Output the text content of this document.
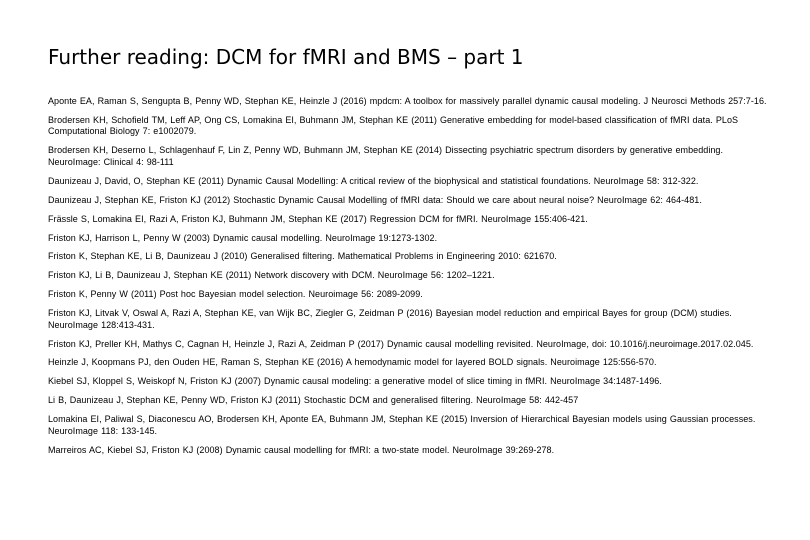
Further reading: DCM for fMRI and BMS – part 1
Aponte EA, Raman S, Sengupta B, Penny WD, Stephan KE, Heinzle J (2016) mpdcm: A toolbox for massively parallel dynamic causal modeling. J Neurosci Methods 257:7-16.
Brodersen KH, Schofield TM, Leff AP, Ong CS, Lomakina EI, Buhmann JM, Stephan KE (2011) Generative embedding for model-based classification of fMRI data. PLoS Computational Biology 7: e1002079.
Brodersen KH, Deserno L, Schlagenhauf F, Lin Z, Penny WD, Buhmann JM, Stephan KE (2014) Dissecting psychiatric spectrum disorders by generative embedding. NeuroImage: Clinical 4: 98-111
Daunizeau J, David, O, Stephan KE (2011) Dynamic Causal Modelling: A critical review of the biophysical and statistical foundations. NeuroImage 58: 312-322.
Daunizeau J, Stephan KE, Friston KJ (2012) Stochastic Dynamic Causal Modelling of fMRI data: Should we care about neural noise? NeuroImage 62: 464-481.
Frässle S, Lomakina EI, Razi A, Friston KJ, Buhmann JM, Stephan KE (2017) Regression DCM for fMRI. NeuroImage 155:406-421.
Friston KJ, Harrison L, Penny W (2003) Dynamic causal modelling. NeuroImage 19:1273-1302.
Friston K, Stephan KE, Li B, Daunizeau J (2010) Generalised filtering. Mathematical Problems in Engineering 2010: 621670.
Friston KJ, Li B, Daunizeau J, Stephan KE (2011) Network discovery with DCM. NeuroImage 56: 1202–1221.
Friston K, Penny W (2011) Post hoc Bayesian model selection. Neuroimage 56: 2089-2099.
Friston KJ, Litvak V, Oswal A, Razi A, Stephan KE, van Wijk BC, Ziegler G, Zeidman P (2016) Bayesian model reduction and empirical Bayes for group (DCM) studies. NeuroImage 128:413-431.
Friston KJ, Preller KH, Mathys C, Cagnan H, Heinzle J, Razi A, Zeidman P (2017) Dynamic causal modelling revisited. NeuroImage, doi: 10.1016/j.neuroimage.2017.02.045.
Heinzle J, Koopmans PJ, den Ouden HE, Raman S, Stephan KE (2016) A hemodynamic model for layered BOLD signals. Neuroimage 125:556-570.
Kiebel SJ, Kloppel S, Weiskopf N, Friston KJ (2007) Dynamic causal modeling: a generative model of slice timing in fMRI. NeuroImage 34:1487-1496.
Li B, Daunizeau J, Stephan KE, Penny WD, Friston KJ (2011) Stochastic DCM and generalised filtering. NeuroImage 58: 442-457
Lomakina EI, Paliwal S, Diaconescu AO, Brodersen KH, Aponte EA, Buhmann JM, Stephan KE (2015) Inversion of Hierarchical Bayesian models using Gaussian processes. NeuroImage 118: 133-145.
Marreiros AC, Kiebel SJ, Friston KJ (2008) Dynamic causal modelling for fMRI: a two-state model. NeuroImage 39:269-278.
